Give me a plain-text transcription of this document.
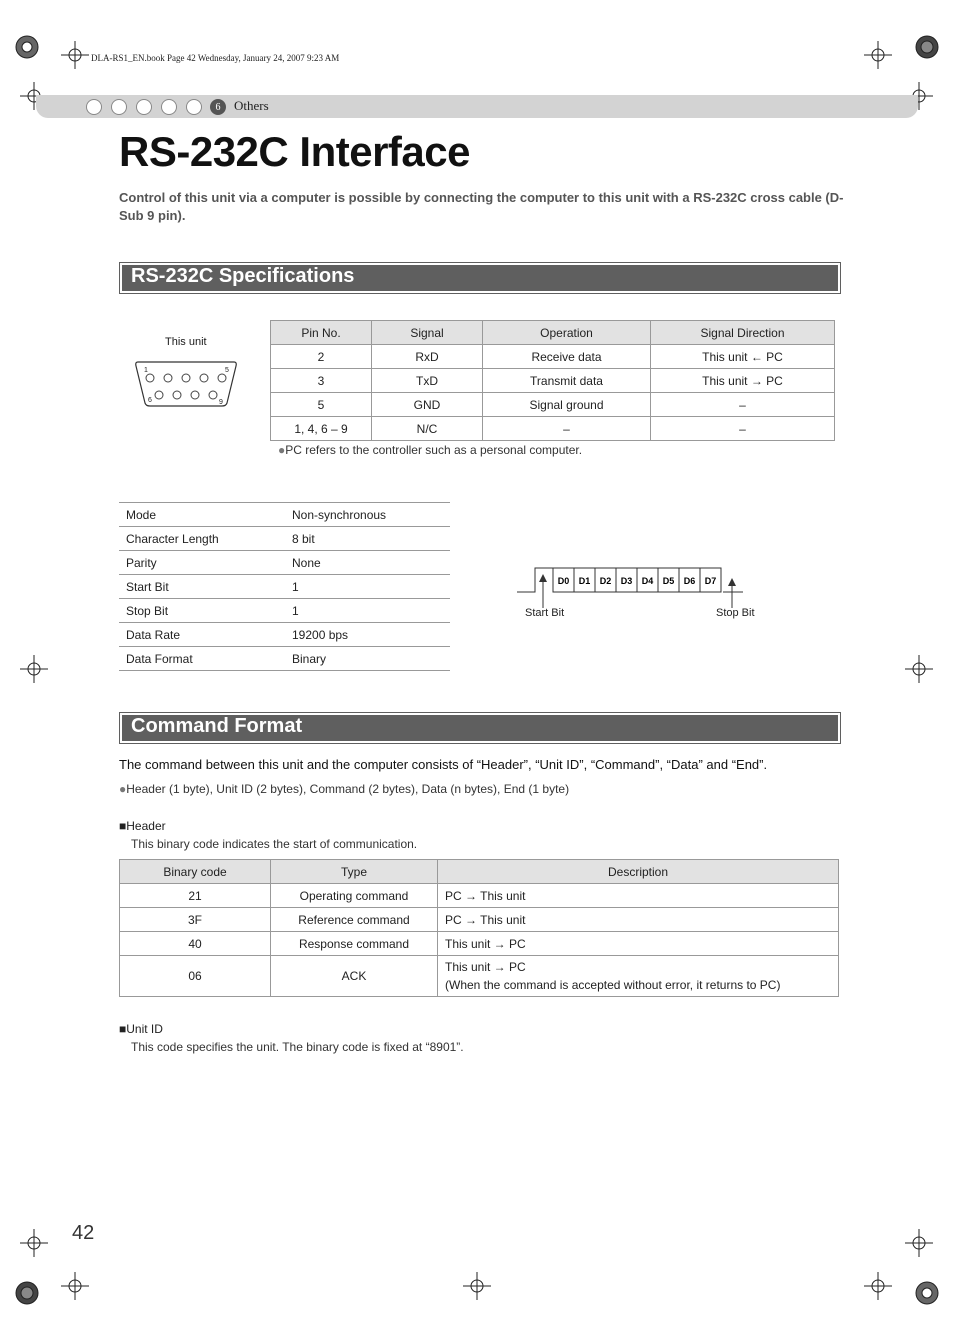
DLA-RS1_EN.book Page 42 Wednesday, January 24, 2007 9:23 AM
6	Others
RS-232C Interface
Control of this unit via a computer is possible by connecting the computer to this unit with a RS-232C cross cable (D-Sub 9 pin).
RS-232C Specifications
This unit
1	5
6	9
Pin No.	Signal	Operation	Signal Direction
2	RxD	Receive data	This unit ← PC
3	TxD	Transmit data	This unit → PC
5	GND	Signal ground	–
1, 4, 6 – 9	N/C	–	–
●PC refers to the controller such as a personal computer.
Mode	Non-synchronous
Character Length	8 bit
Parity	None
Start Bit	1
Stop Bit	1
Data Rate	19200 bps
Data Format	Binary
D0 D1 D2 D3 D4 D5 D6 D7
Start Bit	Stop Bit
Command Format
The command between this unit and the computer consists of “Header”, “Unit ID”, “Command”, “Data” and “End”.
●Header (1 byte), Unit ID (2 bytes), Command (2 bytes), Data (n bytes), End (1 byte)
■Header
This binary code indicates the start of communication.
Binary code	Type	Description
21	Operating command	PC → This unit
3F	Reference command	PC → This unit
40	Response command	This unit → PC
06	ACK	This unit → PC
(When the command is accepted without error, it returns to PC)
■Unit ID
This code specifies the unit. The binary code is fixed at “8901”.
42
